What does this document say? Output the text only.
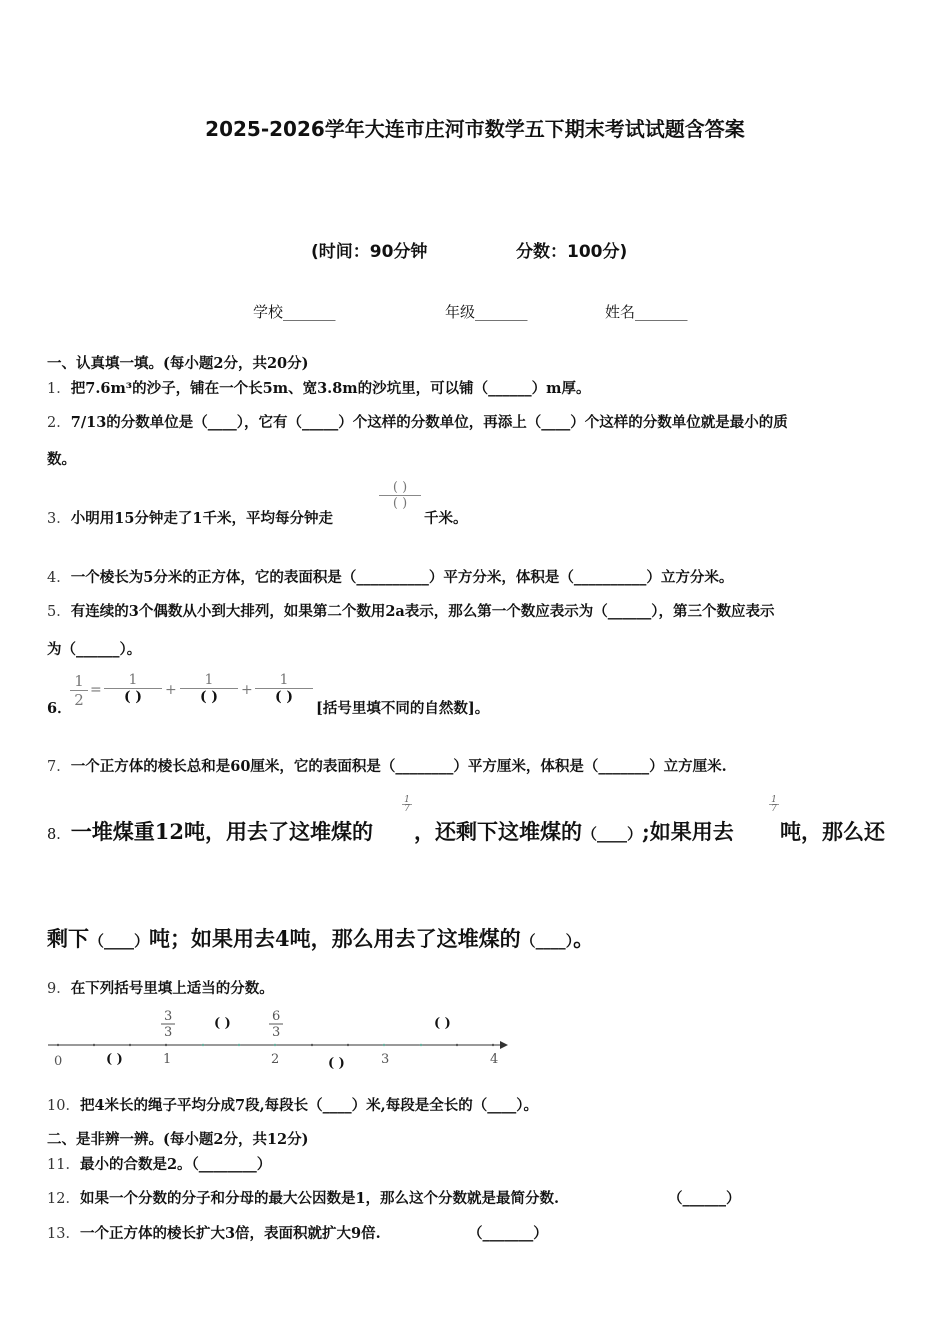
2025-2026学年大连市庄河市数学五下期末考试试题含答案
(时间：90分钟	分数：100分)
学校_______	年级_______	姓名_______
一、认真填一填。(每小题2分，共20分)
1．把7.6m³的沙子，铺在一个长5m、宽3.8m的沙坑里，可以铺（______）m厚。
2．7/13的分数单位是（____），它有（_____）个这样的分数单位，再添上（____）个这样的分数单位就是最小的质
数。
3．小明用15分钟走了1千米，平均每分钟走
( )
( )
千米。
4．一个棱长为5分米的正方体，它的表面积是（__________）平方分米，体积是（__________）立方分米。
5．有连续的3个偶数从小到大排列，如果第二个数用2a表示，那么第一个数应表示为（______），第三个数应表示
为（______）。
6．
$\frac{1}{2}$ =
1
( )	+
1
( )	+
1
( )
[括号里填不同的自然数]。
7．一个正方体的棱长总和是60厘米，它的表面积是（________）平方厘米，体积是（_______）立方厘米.
8．一堆煤重12吨，用去了这堆煤的
$\frac{1}{7}$
，还剩下这堆煤的（____）;如果用去
$\frac{1}{7}$
吨，那么还
剩下（____）吨；如果用去4吨，那么用去了这堆煤的（____）。
9．在下列括号里填上适当的分数。
0	1	2	3	4
3
3
6
3
( )	( )
( )	( )
10．把4米长的绳子平均分成7段,每段长（____）米,每段是全长的（____）。
二、是非辨一辨。(每小题2分，共12分)
11．最小的合数是2。（________）
12．如果一个分数的分子和分母的最大公因数是1，那么这个分数就是最简分数.	（______）
13．一个正方体的棱长扩大3倍，表面积就扩大9倍.	（_______）
